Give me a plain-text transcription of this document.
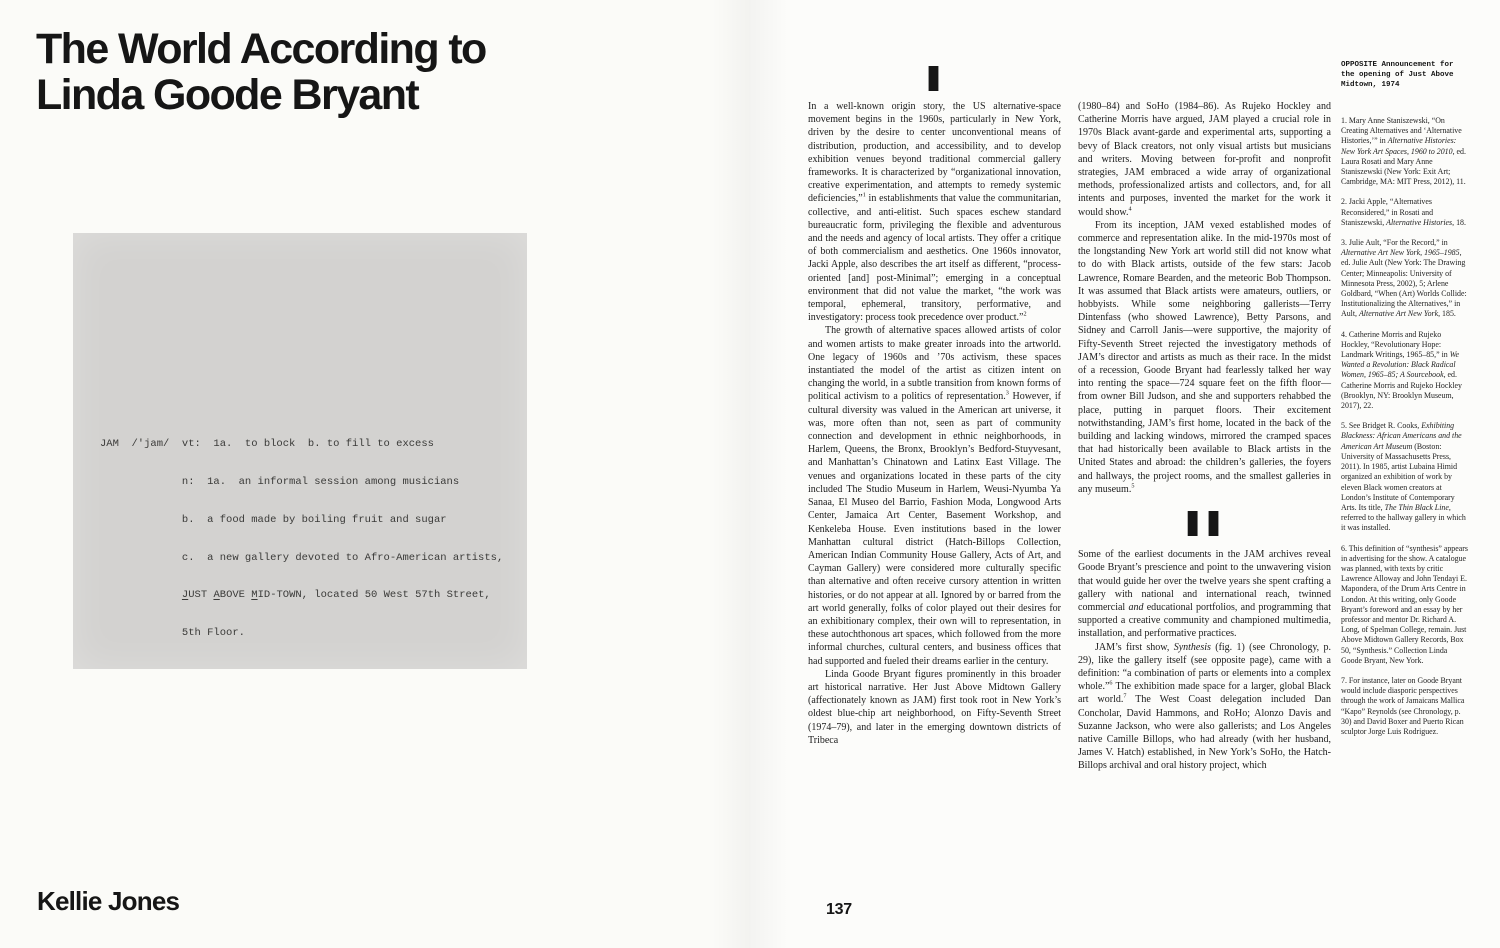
The World According to
Linda Goode Bryant

JAM  /'jam/  vt:  1a.  to block  b. to fill to excess

n:  1a.  an informal session among musicians

b.  a food made by boiling fruit and sugar

c.  a new gallery devoted to Afro-American artists,

JUST ABOVE MID-TOWN, located 50 West 57th Street,

5th Floor.

Kellie Jones
I

In a well-known origin story, the US alternative-space movement begins in the 1960s, particularly in New York, driven by the desire to center unconventional means of distribution, production, and accessibility, and to develop exhibition venues beyond traditional commercial gallery frameworks. It is characterized by “organizational innovation, creative experimentation, and attempts to remedy systemic deficiencies,”$^1$ in establishments that value the communitarian, collective, and anti-elitist. Such spaces eschew standard bureaucratic form, privileging the flexible and adventurous and the needs and agency of local artists. They offer a critique of both commercialism and aesthetics. One 1960s innovator, Jacki Apple, also describes the art itself as different, “process-oriented [and] post-Minimal”; emerging in a conceptual environment that did not value the market, “the work was temporal, ephemeral, transitory, performative, and investigatory: process took precedence over product.”$^2$

The growth of alternative spaces allowed artists of color and women artists to make greater inroads into the artworld. One legacy of 1960s and ’70s activism, these spaces instantiated the model of the artist as citizen intent on changing the world, in a subtle transition from known forms of political activism to a politics of representation.$^3$ However, if cultural diversity was valued in the American art universe, it was, more often than not, seen as part of community connection and development in ethnic neighborhoods, in Harlem, Queens, the Bronx, Brooklyn’s Bedford-Stuyvesant, and Manhattan’s Chinatown and Latinx East Village. The venues and organizations located in these parts of the city included The Studio Museum in Harlem, Weusi-Nyumba Ya Sanaa, El Museo del Barrio, Fashion Moda, Longwood Arts Center, Jamaica Art Center, Basement Workshop, and Kenkeleba House. Even institutions based in the lower Manhattan cultural district (Hatch-Billops Collection, American Indian Community House Gallery, Acts of Art, and Cayman Gallery) were considered more culturally specific than alternative and often receive cursory attention in written histories, or do not appear at all. Ignored by or barred from the art world generally, folks of color played out their desires for an exhibitionary complex, their own will to representation, in these autochthonous art spaces, which followed from the more informal churches, cultural centers, and business offices that had supported and fueled their dreams earlier in the century.

Linda Goode Bryant figures prominently in this broader art historical narrative. Her Just Above Midtown Gallery (affectionately known as JAM) first took root in New York’s oldest blue-chip art neighborhood, on Fifty-Seventh Street (1974–79), and later in the emerging downtown districts of Tribeca

(1980–84) and SoHo (1984–86). As Rujeko Hockley and Catherine Morris have argued, JAM played a crucial role in 1970s Black avant-garde and experimental arts, supporting a bevy of Black creators, not only visual artists but musicians and writers. Moving between for-profit and nonprofit strategies, JAM embraced a wide array of organizational methods, professionalized artists and collectors, and, for all intents and purposes, invented the market for the work it would show.$^4$

From its inception, JAM vexed established modes of commerce and representation alike. In the mid-1970s most of the longstanding New York art world still did not know what to do with Black artists, outside of the few stars: Jacob Lawrence, Romare Bearden, and the meteoric Bob Thompson. It was assumed that Black artists were amateurs, outliers, or hobbyists. While some neighboring gallerists—Terry Dintenfass (who showed Lawrence), Betty Parsons, and Sidney and Carroll Janis—were supportive, the majority of Fifty-Seventh Street rejected the investigatory methods of JAM’s director and artists as much as their race. In the midst of a recession, Goode Bryant had fearlessly talked her way into renting the space—724 square feet on the fifth floor—from owner Bill Judson, and she and supporters rehabbed the place, putting in parquet floors. Their excitement notwithstanding, JAM’s first home, located in the back of the building and lacking windows, mirrored the cramped spaces that had historically been available to Black artists in the United States and abroad: the children’s galleries, the foyers and hallways, the project rooms, and the smallest galleries in any museum.$^5$

II

Some of the earliest documents in the JAM archives reveal Goode Bryant’s prescience and point to the unwavering vision that would guide her over the twelve years she spent crafting a gallery with national and international reach, twinned commercial and educational portfolios, and programming that supported a creative community and championed multimedia, installation, and performative practices.

JAM’s first show, Synthesis (fig. 1) (see Chronology, p. 29), like the gallery itself (see opposite page), came with a definition: “a combination of parts or elements into a complex whole.”$^6$ The exhibition made space for a larger, global Black art world.$^7$ The West Coast delegation included Dan Concholar, David Hammons, and RoHo; Alonzo Davis and Suzanne Jackson, who were also gallerists; and Los Angeles native Camille Billops, who had already (with her husband, James V. Hatch) established, in New York’s SoHo, the Hatch-Billops archival and oral history project, which

OPPOSITE Announcement for the opening of Just Above Midtown, 1974
1. Mary Anne Staniszewski, “On Creating Alternatives and ‘Alternative Histories,’” in Alternative Histories: New York Art Spaces, 1960 to 2010, ed. Laura Rosati and Mary Anne Staniszewski (New York: Exit Art; Cambridge, MA: MIT Press, 2012), 11.
2. Jacki Apple, “Alternatives Reconsidered,” in Rosati and Staniszewski, Alternative Histories, 18.
3. Julie Ault, “For the Record,” in Alternative Art New York, 1965–1985, ed. Julie Ault (New York: The Drawing Center; Minneapolis: University of Minnesota Press, 2002), 5; Arlene Goldbard, “When (Art) Worlds Collide: Institutionalizing the Alternatives,” in Ault, Alternative Art New York, 185.
4. Catherine Morris and Rujeko Hockley, “Revolutionary Hope: Landmark Writings, 1965–85,” in We Wanted a Revolution: Black Radical Women, 1965–85; A Sourcebook, ed. Catherine Morris and Rujeko Hockley (Brooklyn, NY: Brooklyn Museum, 2017), 22.
5. See Bridget R. Cooks, Exhibiting Blackness: African Americans and the American Art Museum (Boston: University of Massachusetts Press, 2011). In 1985, artist Lubaina Himid organized an exhibition of work by eleven Black women creators at London’s Institute of Contemporary Arts. Its title, The Thin Black Line, referred to the hallway gallery in which it was installed.
6. This definition of “synthesis” appears in advertising for the show. A catalogue was planned, with texts by critic Lawrence Alloway and John Tendayi E. Mapondera, of the Drum Arts Centre in London. At this writing, only Goode Bryant’s foreword and an essay by her professor and mentor Dr. Richard A. Long, of Spelman College, remain. Just Above Midtown Gallery Records, Box 50, “Synthesis.” Collection Linda Goode Bryant, New York.
7. For instance, later on Goode Bryant would include diasporic perspectives through the work of Jamaicans Mallica “Kapo” Reynolds (see Chronology, p. 30) and David Boxer and Puerto Rican sculptor Jorge Luis Rodriguez.
137
